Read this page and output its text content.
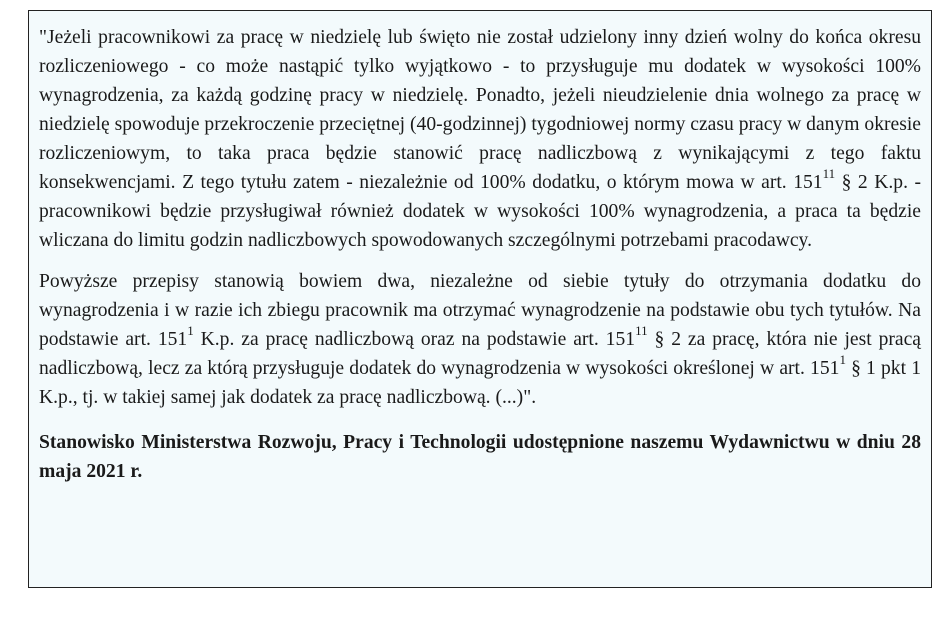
"Jeżeli pracownikowi za pracę w niedzielę lub święto nie został udzielony inny dzień wolny do końca okresu rozliczeniowego - co może nastąpić tylko wyjątkowo - to przysługuje mu dodatek w wysokości 100% wynagrodzenia, za każdą godzinę pracy w niedzielę. Ponadto, jeżeli nieudzielenie dnia wolnego za pracę w niedzielę spowoduje przekroczenie przeciętnej (40-godzinnej) tygodniowej normy czasu pracy w danym okresie rozliczeniowym, to taka praca będzie stanowić pracę nadliczbową z wynikającymi z tego faktu konsekwencjami. Z tego tytułu zatem - niezależnie od 100% dodatku, o którym mowa w art. $151^{11}$ § 2 K.p. - pracownikowi będzie przysługiwał również dodatek w wysokości 100% wynagrodzenia, a praca ta będzie wliczana do limitu godzin nadliczbowych spowodowanych szczególnymi potrzebami pracodawcy.

Powyższe przepisy stanowią bowiem dwa, niezależne od siebie tytuły do otrzymania dodatku do wynagrodzenia i w razie ich zbiegu pracownik ma otrzymać wynagrodzenie na podstawie obu tych tytułów. Na podstawie art. $151^1$ K.p. za pracę nadliczbową oraz na podstawie art. $151^{11}$ § 2 za pracę, która nie jest pracą nadliczbową, lecz za którą przysługuje dodatek do wynagrodzenia w wysokości określonej w art. $151^1$ § 1 pkt 1 K.p., tj. w takiej samej jak dodatek za pracę nadliczbową. (...)".

Stanowisko Ministerstwa Rozwoju, Pracy i Technologii udostępnione naszemu Wydawnictwu w dniu 28 maja 2021 r.
